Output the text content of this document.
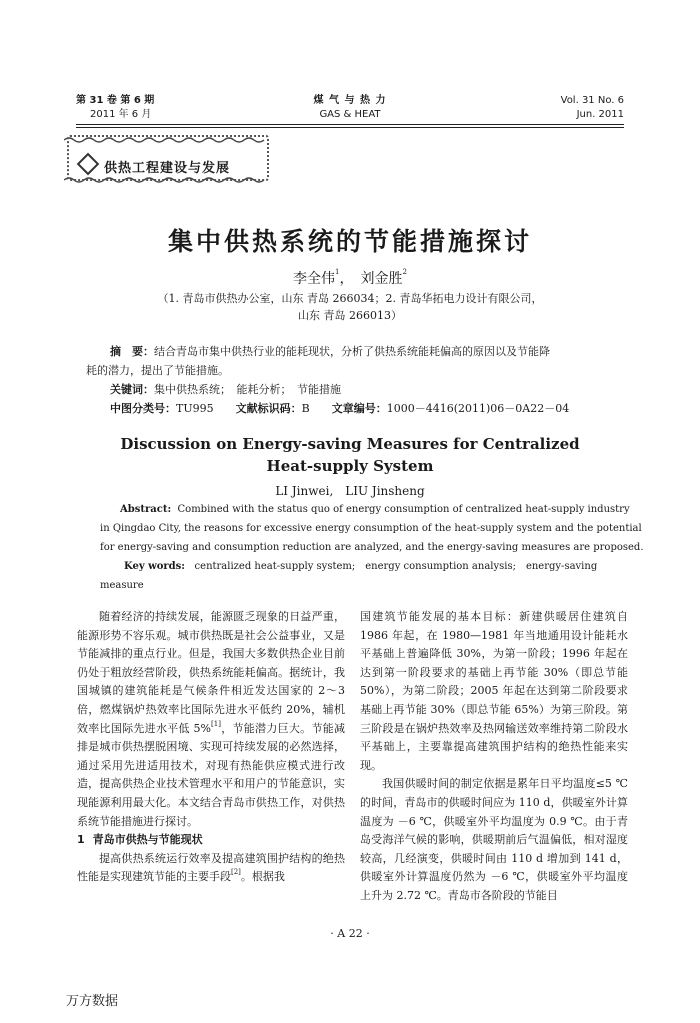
第 31 卷 第 6 期
2011 年 6 月
煤 气 与 热 力
GAS & HEAT
Vol. 31 No. 6
Jun. 2011
供热工程建设与发展
集中供热系统的节能措施探讨
李全伟$^1$，　刘金胜$^2$
（1. 青岛市供热办公室，山东 青岛 266034；2. 青岛华拓电力设计有限公司，
山东 青岛 266013）
摘　要：结合青岛市集中供热行业的能耗现状，分析了供热系统能耗偏高的原因以及节能降
耗的潜力，提出了节能措施。
关键词：集中供热系统；　能耗分析；　节能措施
中图分类号：TU995　　 文献标识码：B　　 文章编号：1000－4416(2011)06－0A22－04
Discussion on Energy-saving Measures for Centralized
Heat-supply System
LI Jinwei,　LIU Jinsheng
Abstract: Combined with the status quo of energy consumption of centralized heat-supply industry
in Qingdao City, the reasons for excessive energy consumption of the heat-supply system and the potential
for energy-saving and consumption reduction are analyzed, and the energy-saving measures are proposed.
Key words: centralized heat-supply system;　energy consumption analysis;　energy-saving
measure

随着经济的持续发展，能源匮乏现象的日益严重，能源形势不容乐观。城市供热既是社会公益事业，又是节能减排的重点行业。但是，我国大多数供热企业目前仍处于粗放经营阶段，供热系统能耗偏高。据统计，我国城镇的建筑能耗是气候条件相近发达国家的 2～3 倍，燃煤锅炉热效率比国际先进水平低约 20%，辅机效率比国际先进水平低 5%[1]，节能潜力巨大。节能减排是城市供热摆脱困境、实现可持续发展的必然选择，通过采用先进适用技术，对现有热能供应模式进行改造，提高供热企业技术管理水平和用户的节能意识，实现能源利用最大化。本文结合青岛市供热工作，对供热系统节能措施进行探讨。

1 青岛市供热与节能现状

提高供热系统运行效率及提高建筑围护结构的绝热性能是实现建筑节能的主要手段[2]。根据我

国建筑节能发展的基本目标：新建供暖居住建筑自 1986 年起，在 1980—1981 年当地通用设计能耗水平基础上普遍降低 30%，为第一阶段；1996 年起在达到第一阶段要求的基础上再节能 30%（即总节能 50%），为第二阶段；2005 年起在达到第二阶段要求基础上再节能 30%（即总节能 65%）为第三阶段。第三阶段是在锅炉热效率及热网输送效率维持第二阶段水平基础上，主要靠提高建筑围护结构的绝热性能来实现。

我国供暖时间的制定依据是累年日平均温度≤5 ℃的时间，青岛市的供暖时间应为 110 d，供暖室外计算温度为 －6 ℃，供暖室外平均温度为 0.9 ℃。由于青岛受海洋气候的影响，供暖期前后气温偏低，相对湿度较高，几经演变，供暖时间由 110 d 增加到 141 d，供暖室外计算温度仍然为 －6 ℃，供暖室外平均温度上升为 2.72 ℃。青岛市各阶段的节能目

· A 22 ·
万方数据
